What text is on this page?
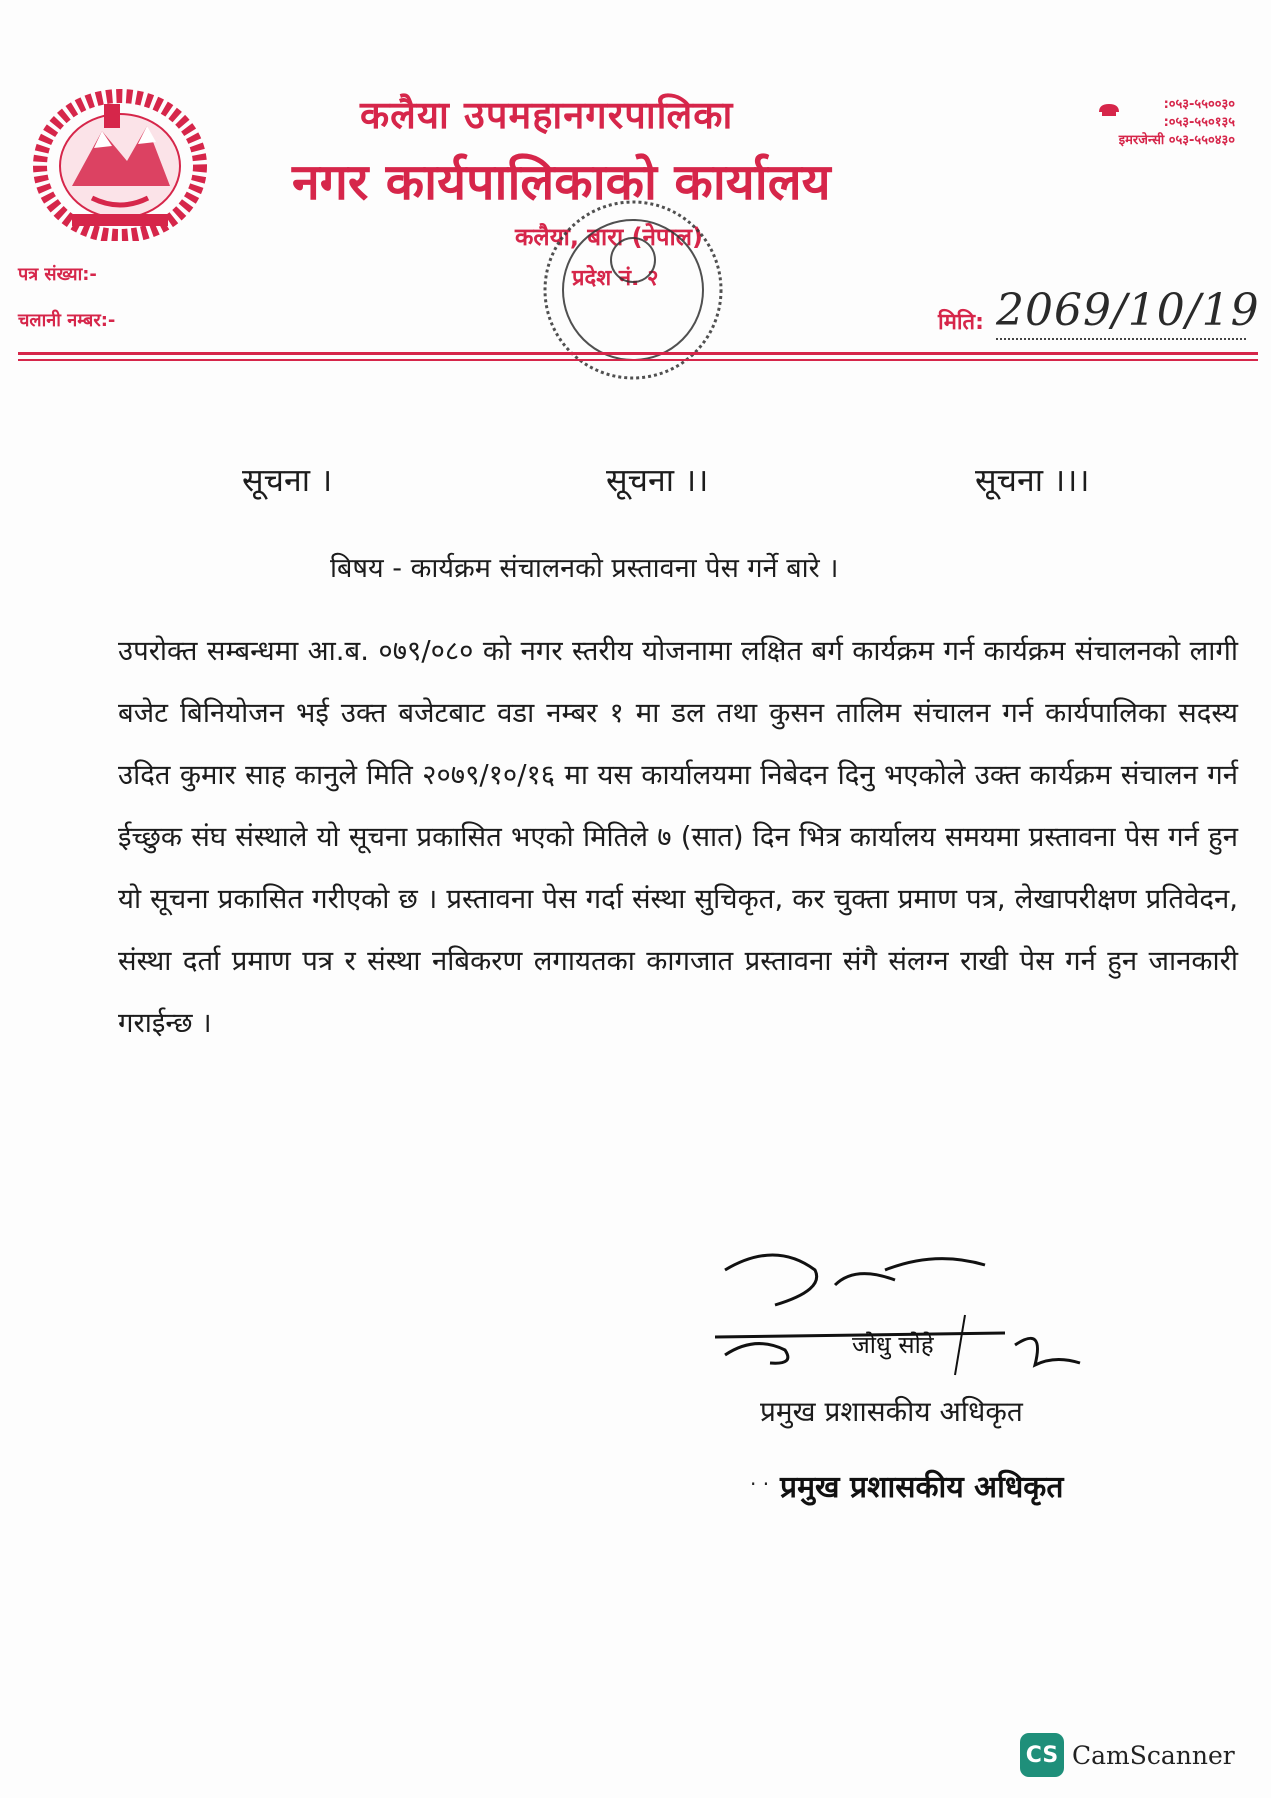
कलैया उपमहानगरपालिका
नगर कार्यपालिकाको कार्यालय
कलैया, बारा (नेपाल)
प्रदेश नं. २
:०५३-५५००३०
:०५३-५५०१३५
इमरजेन्सी ०५३-५५०४३०
पत्र संख्या:-
चलानी नम्बर:-	मिति: 2069/10/19
सूचना ।	सूचना ।।	सूचना ।।।
बिषय - कार्यक्रम संचालनको प्रस्तावना पेस गर्ने बारे ।
उपरोक्त सम्बन्धमा आ.ब. ०७९/०८० को नगर स्तरीय योजनामा लक्षित बर्ग कार्यक्रम गर्न कार्यक्रम संचालनको लागी बजेट बिनियोजन भई उक्त बजेटबाट वडा नम्बर १ मा डल तथा कुसन तालिम संचालन गर्न कार्यपालिका सदस्य उदित कुमार साह कानुले मिति २०७९/१०/१६ मा यस कार्यालयमा निबेदन दिनु भएकोले उक्त कार्यक्रम संचालन गर्न ईच्छुक संघ संस्थाले यो सूचना प्रकासित भएको मितिले ७ (सात) दिन भित्र कार्यालय समयमा प्रस्तावना पेस गर्न हुन यो सूचना प्रकासित गरीएको छ । प्रस्तावना पेस गर्दा संस्था सुचिकृत, कर चुक्ता प्रमाण पत्र, लेखापरीक्षण प्रतिवेदन, संस्था दर्ता प्रमाण पत्र र संस्था नबिकरण लगायतका कागजात प्रस्तावना संगै संलग्न राखी पेस गर्न हुन जानकारी गराईन्छ ।
जोधु सोहे
प्रमुख प्रशासकीय अधिकृत
· · प्रमुख प्रशासकीय अधिकृत
CS CamScanner
